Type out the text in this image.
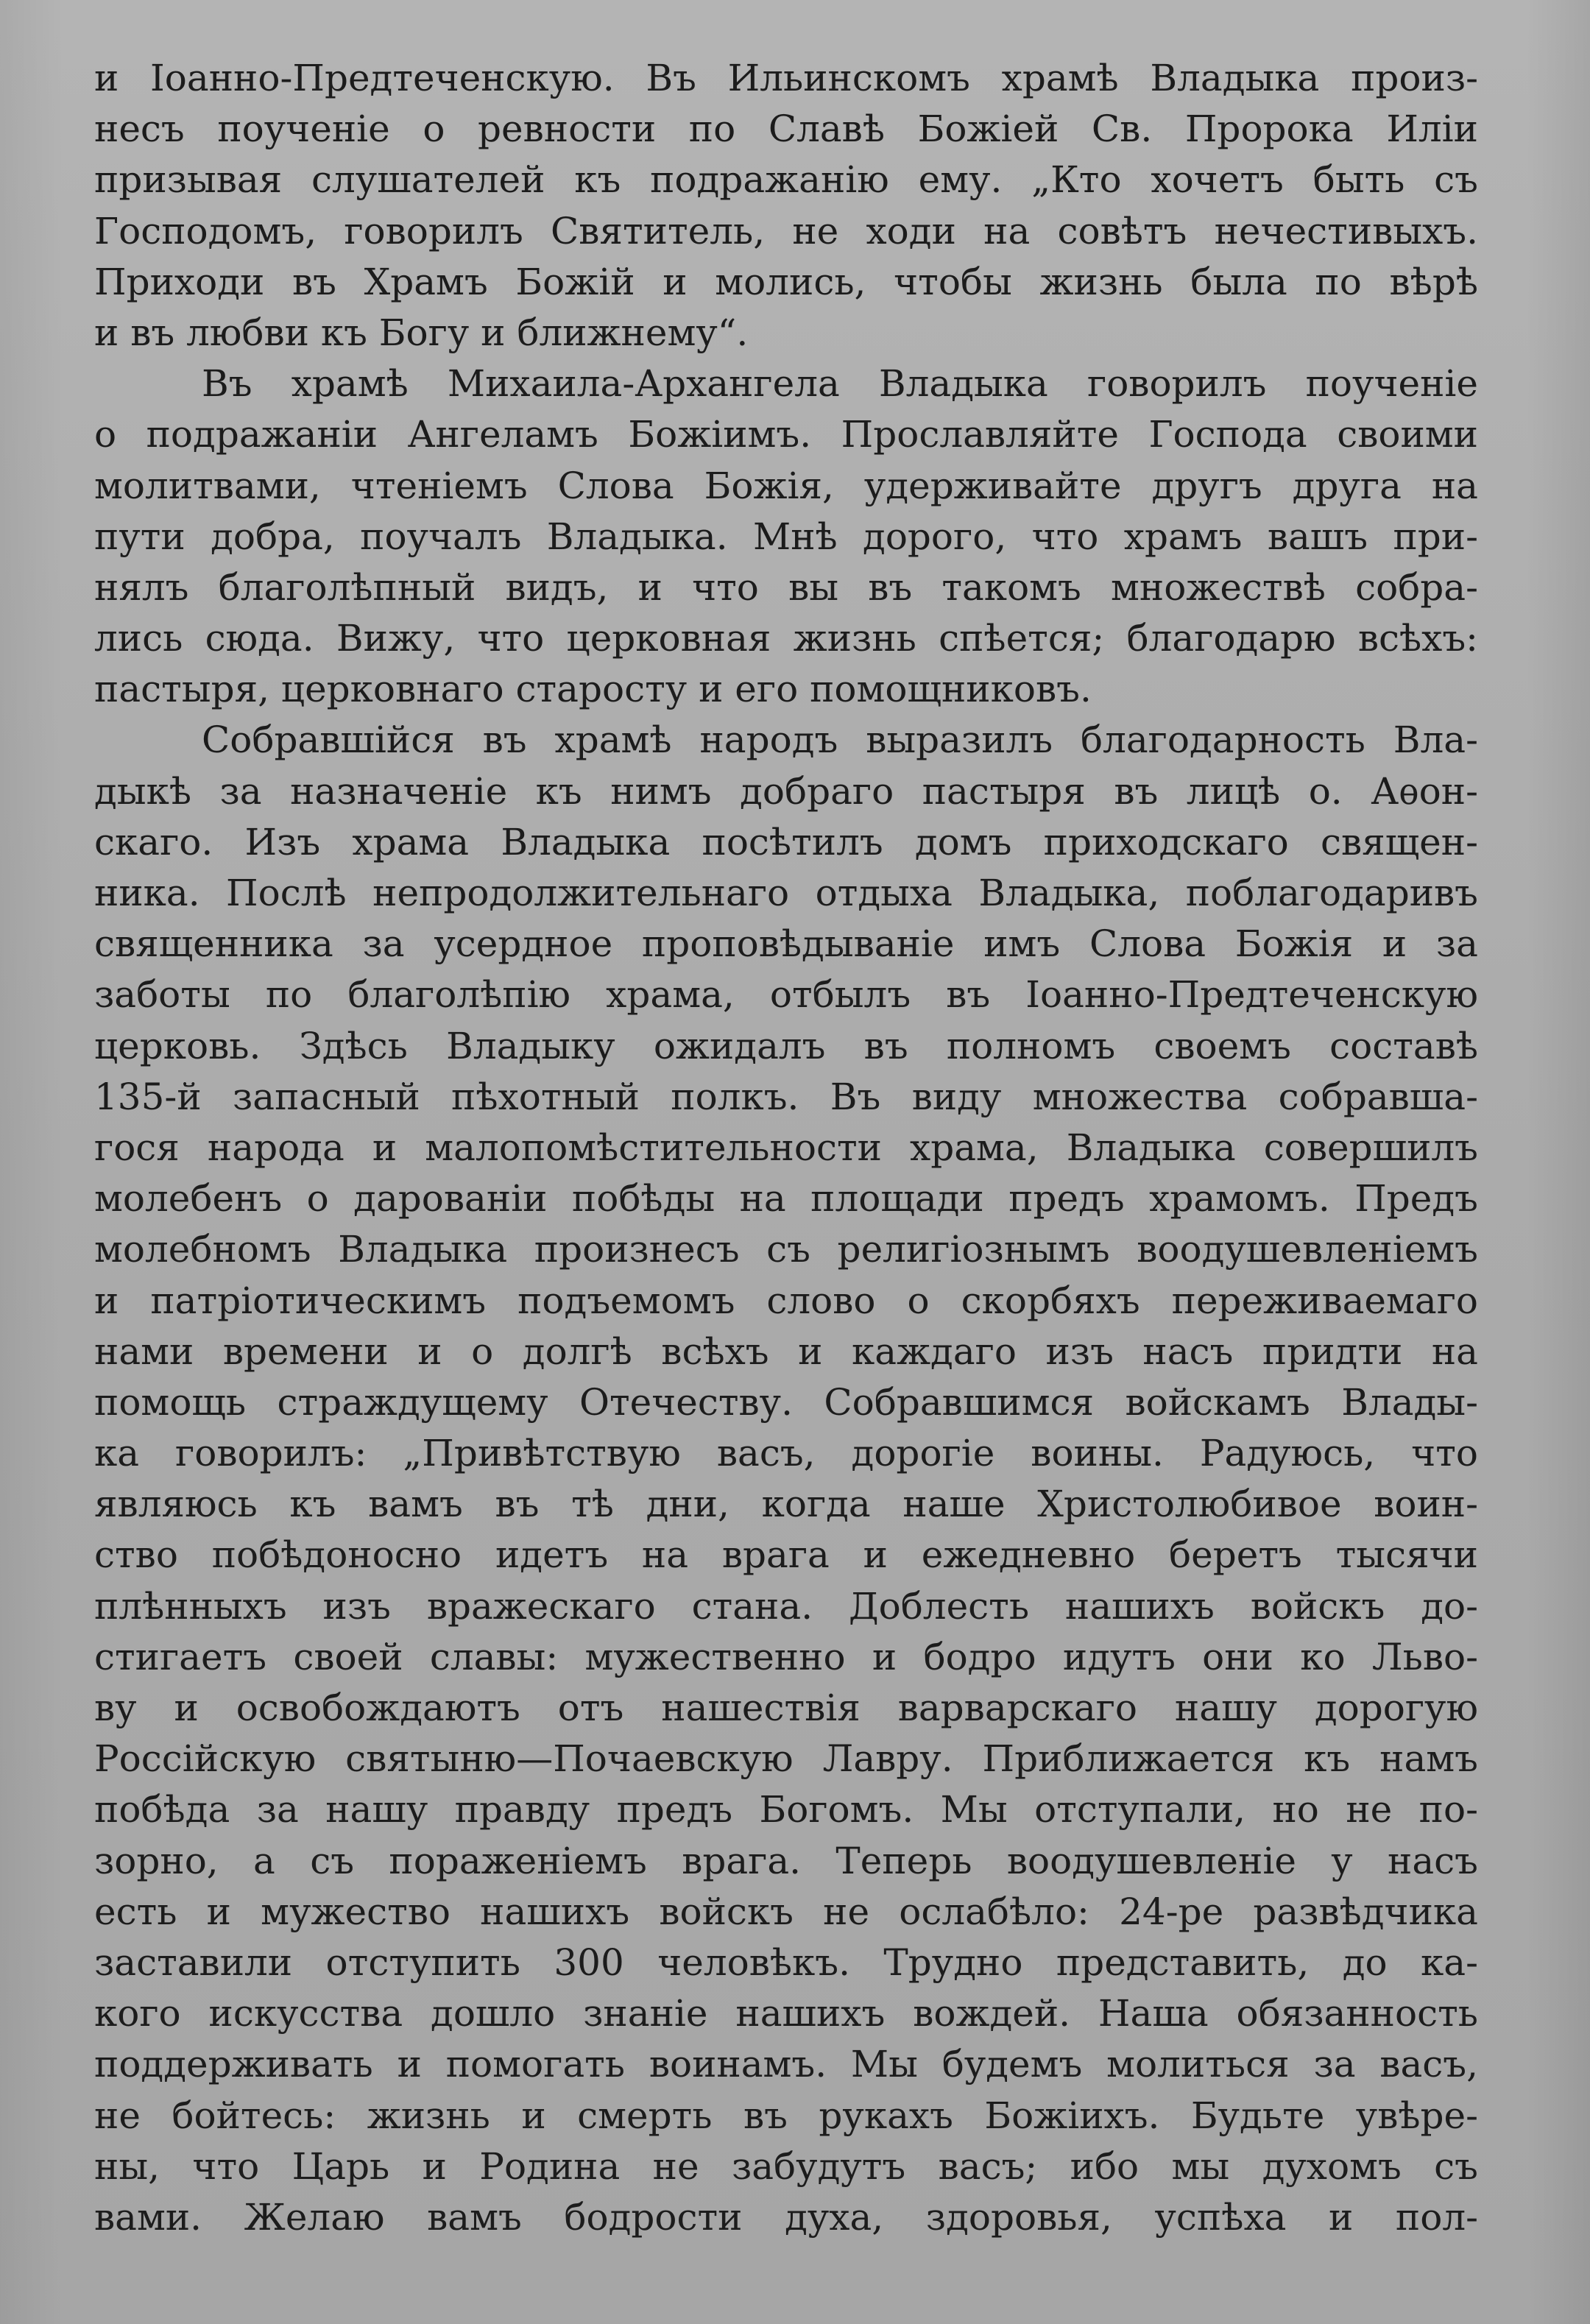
и Іоанно-Предтеченскую. Въ Ильинскомъ храмѣ Владыка произ-
несъ поученіе о ревности по Славѣ Божіей Св. Пророка Иліи
призывая слушателей къ подражанію ему. „Кто хочетъ быть съ
Господомъ, говорилъ Святитель, не ходи на совѣтъ нечестивыхъ.
Приходи въ Храмъ Божій и молись, чтобы жизнь была по вѣрѣ
и въ любви къ Богу и ближнему“.
Въ храмѣ Михаила-Архангела Владыка говорилъ поученіе
о подражаніи Ангеламъ Божіимъ. Прославляйте Господа своими
молитвами, чтеніемъ Слова Божія, удерживайте другъ друга на
пути добра, поучалъ Владыка. Мнѣ дорого, что храмъ вашъ при-
нялъ благолѣпный видъ, и что вы въ такомъ множествѣ собра-
лись сюда. Вижу, что церковная жизнь спѣется; благодарю всѣхъ:
пастыря, церковнаго старосту и его помощниковъ.
Собравшійся въ храмѣ народъ выразилъ благодарность Вла-
дыкѣ за назначеніе къ нимъ добраго пастыря въ лицѣ о. Аѳон-
скаго. Изъ храма Владыка посѣтилъ домъ приходскаго священ-
ника. Послѣ непродолжительнаго отдыха Владыка, поблагодаривъ
священника за усердное проповѣдываніе имъ Слова Божія и за
заботы по благолѣпію храма, отбылъ въ Іоанно-Предтеченскую
церковь. Здѣсь Владыку ожидалъ въ полномъ своемъ составѣ
135-й запасный пѣхотный полкъ. Въ виду множества собравша-
гося народа и малопомѣстительности храма, Владыка совершилъ
молебенъ о дарованіи побѣды на площади предъ храмомъ. Предъ
молебномъ Владыка произнесъ съ религіознымъ воодушевленіемъ
и патріотическимъ подъемомъ слово о скорбяхъ переживаемаго
нами времени и о долгѣ всѣхъ и каждаго изъ насъ придти на
помощь страждущему Отечеству. Собравшимся войскамъ Влады-
ка говорилъ: „Привѣтствую васъ, дорогіе воины. Радуюсь, что
являюсь къ вамъ въ тѣ дни, когда наше Христолюбивое воин-
ство побѣдоносно идетъ на врага и ежедневно беретъ тысячи
плѣнныхъ изъ вражескаго стана. Доблесть нашихъ войскъ до-
стигаетъ своей славы: мужественно и бодро идутъ они ко Льво-
ву и освобождаютъ отъ нашествія варварскаго нашу дорогую
Россійскую святыню—Почаевскую Лавру. Приближается къ намъ
побѣда за нашу правду предъ Богомъ. Мы отступали, но не по-
зорно, а съ пораженіемъ врага. Теперь воодушевленіе у насъ
есть и мужество нашихъ войскъ не ослабѣло: 24-ре развѣдчика
заставили отступить 300 человѣкъ. Трудно представить, до ка-
кого искусства дошло знаніе нашихъ вождей. Наша обязанность
поддерживать и помогать воинамъ. Мы будемъ молиться за васъ,
не бойтесь: жизнь и смерть въ рукахъ Божіихъ. Будьте увѣре-
ны, что Царь и Родина не забудутъ васъ; ибо мы духомъ съ
вами. Желаю вамъ бодрости духа, здоровья, успѣха и пол-
